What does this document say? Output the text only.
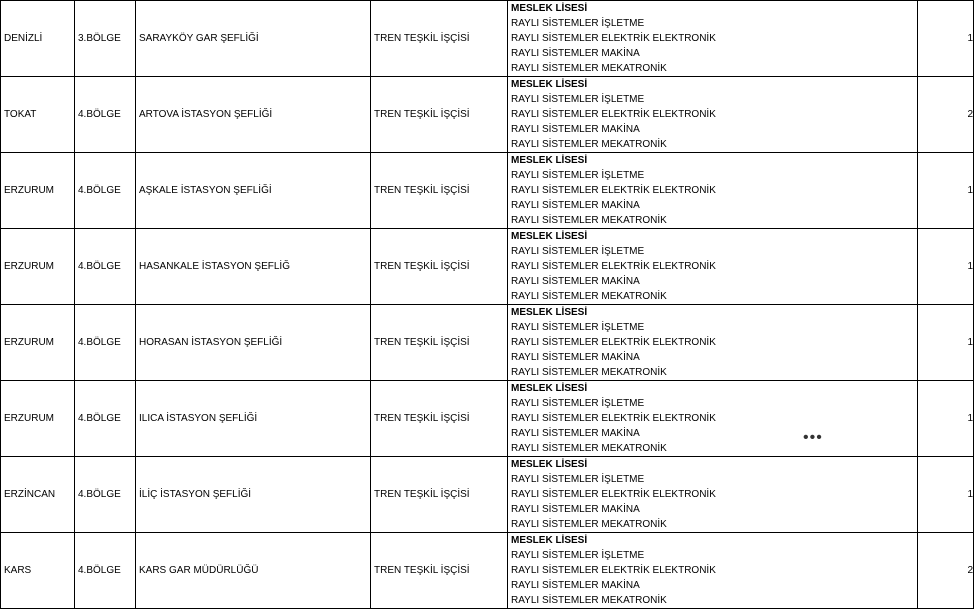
DENİZLİ	3.BÖLGE	SARAYKÖY GAR ŞEFLİĞİ	TREN TEŞKİL İŞÇİSİ	MESLEK LİSESİ
RAYLI SİSTEMLER İŞLETME
RAYLI SİSTEMLER ELEKTRİK ELEKTRONİK
RAYLI SİSTEMLER MAKİNA
RAYLI SİSTEMLER MEKATRONİK	1
TOKAT	4.BÖLGE	ARTOVA İSTASYON ŞEFLİĞİ	TREN TEŞKİL İŞÇİSİ	MESLEK LİSESİ
RAYLI SİSTEMLER İŞLETME
RAYLI SİSTEMLER ELEKTRİK ELEKTRONİK
RAYLI SİSTEMLER MAKİNA
RAYLI SİSTEMLER MEKATRONİK	2
ERZURUM	4.BÖLGE	AŞKALE İSTASYON ŞEFLİĞİ	TREN TEŞKİL İŞÇİSİ	MESLEK LİSESİ
RAYLI SİSTEMLER İŞLETME
RAYLI SİSTEMLER ELEKTRİK ELEKTRONİK
RAYLI SİSTEMLER MAKİNA
RAYLI SİSTEMLER MEKATRONİK	1
ERZURUM	4.BÖLGE	HASANKALE İSTASYON ŞEFLİĞ	TREN TEŞKİL İŞÇİSİ	MESLEK LİSESİ
RAYLI SİSTEMLER İŞLETME
RAYLI SİSTEMLER ELEKTRİK ELEKTRONİK
RAYLI SİSTEMLER MAKİNA
RAYLI SİSTEMLER MEKATRONİK	1
ERZURUM	4.BÖLGE	HORASAN İSTASYON ŞEFLİĞİ	TREN TEŞKİL İŞÇİSİ	MESLEK LİSESİ
RAYLI SİSTEMLER İŞLETME
RAYLI SİSTEMLER ELEKTRİK ELEKTRONİK
RAYLI SİSTEMLER MAKİNA
RAYLI SİSTEMLER MEKATRONİK	1
ERZURUM	4.BÖLGE	ILICA İSTASYON ŞEFLİĞİ	TREN TEŞKİL İŞÇİSİ	MESLEK LİSESİ
RAYLI SİSTEMLER İŞLETME
RAYLI SİSTEMLER ELEKTRİK ELEKTRONİK
RAYLI SİSTEMLER MAKİNA
RAYLI SİSTEMLER MEKATRONİK	1
ERZİNCAN	4.BÖLGE	İLİÇ İSTASYON ŞEFLİĞİ	TREN TEŞKİL İŞÇİSİ	MESLEK LİSESİ
RAYLI SİSTEMLER İŞLETME
RAYLI SİSTEMLER ELEKTRİK ELEKTRONİK
RAYLI SİSTEMLER MAKİNA
RAYLI SİSTEMLER MEKATRONİK	1
KARS	4.BÖLGE	KARS GAR MÜDÜRLÜĞÜ	TREN TEŞKİL İŞÇİSİ	MESLEK LİSESİ
RAYLI SİSTEMLER İŞLETME
RAYLI SİSTEMLER ELEKTRİK ELEKTRONİK
RAYLI SİSTEMLER MAKİNA
RAYLI SİSTEMLER MEKATRONİK	2
•••
